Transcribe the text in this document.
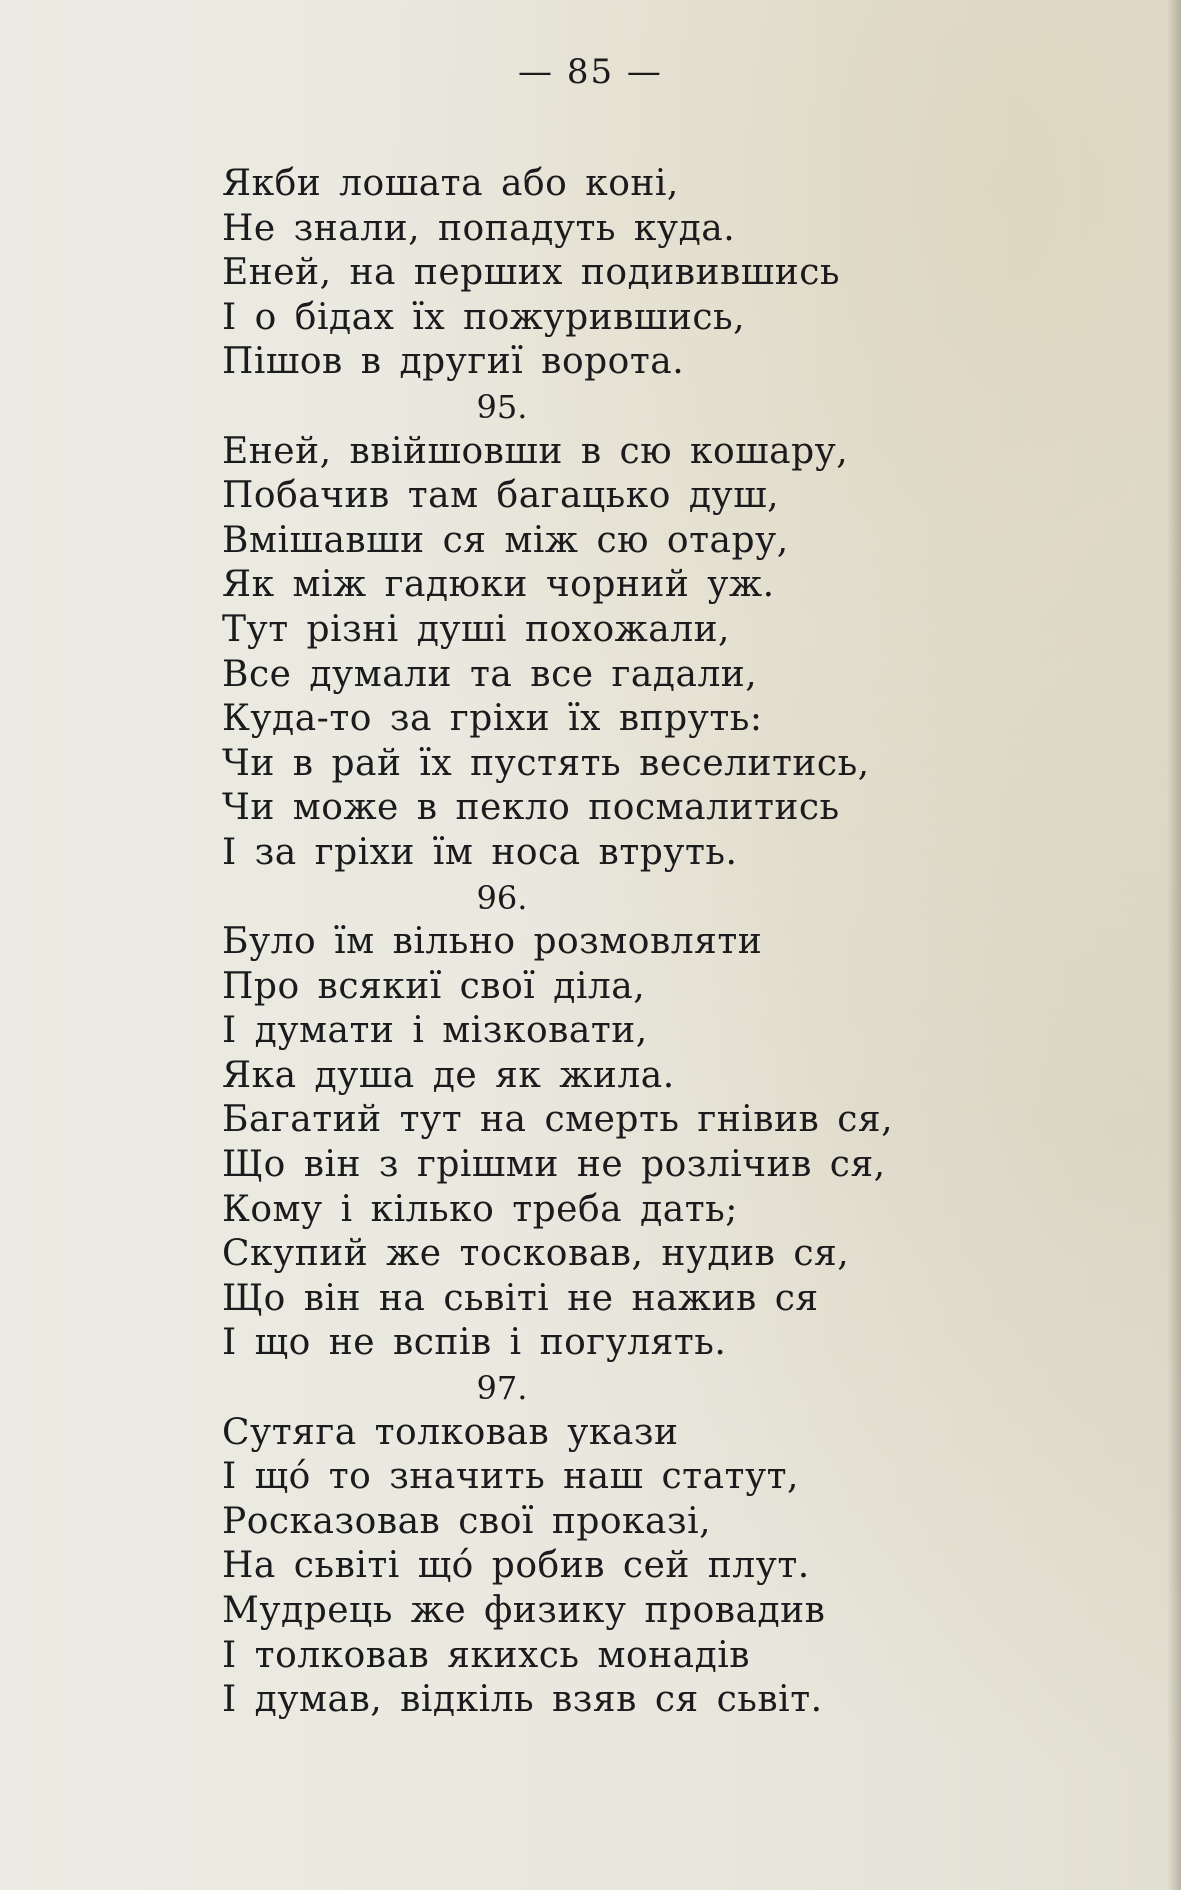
— 85 —
Якби лошата або коні,
Не знали, попадуть куда.
Еней, на перших подивившись
І о бідах їх пожурившись,
Пішов в другиї ворота.
95.
Еней, ввійшовши в сю кошару,
Побачив там багацько душ,
Вмішавши ся між сю отару,
Як між гадюки чорний уж.
Тут різні душі похожали,
Все думали та все гадали,
Куда-то за гріхи їх впруть:
Чи в рай їх пустять веселитись,
Чи може в пекло посмалитись
І за гріхи їм носа втруть.
96.
Було їм вільно розмовляти
Про всякиї свої діла,
І думати і мізковати,
Яка душа де як жила.
Багатий тут на смерть гнівив ся,
Що він з грішми не розлічив ся,
Кому і кілько треба дать;
Скупий же тосковав, нудив ся,
Що він на сьвіті не нажив ся
І що не вспів і погулять.
97.
Сутяга толковав укази
І щó то значить наш статут,
Росказовав свої проказі,
На сьвіті щó робив сей плут.
Мудрець же физику провадив
І толковав якихсь монадів
І думав, відкіль взяв ся сьвіт.
